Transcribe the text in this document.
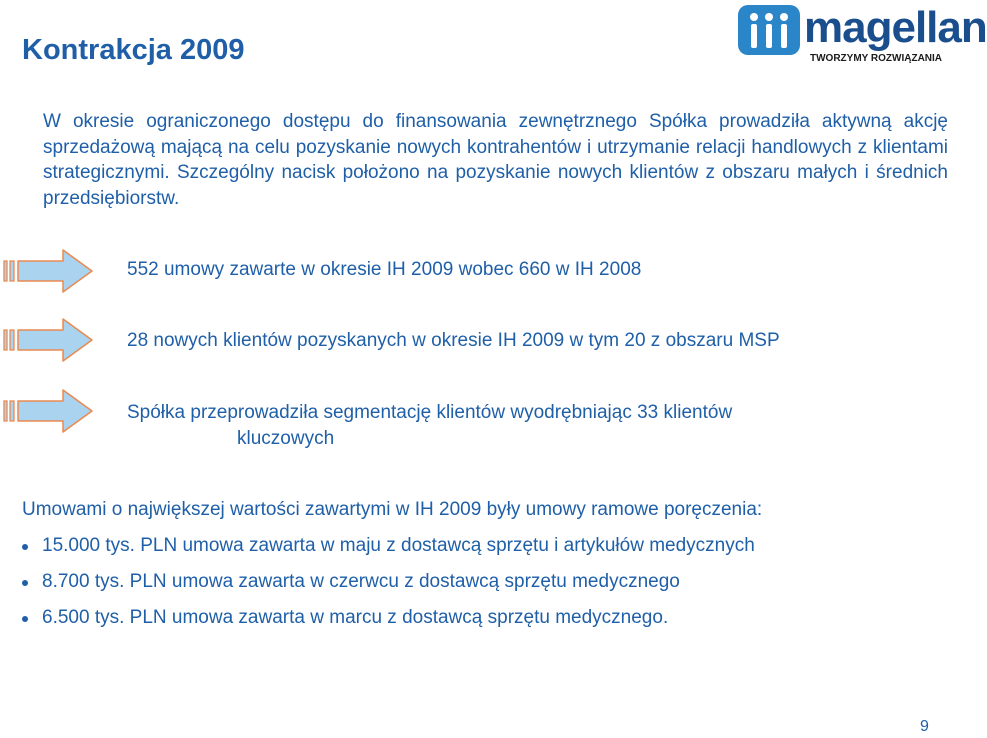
Kontrakcja 2009	magellan
TWORZYMY ROZWIĄZANIA
W okresie ograniczonego dostępu do finansowania zewnętrznego Spółka prowadziła aktywną akcję sprzedażową mającą na celu pozyskanie nowych kontrahentów i utrzymanie relacji handlowych z klientami strategicznymi. Szczególny nacisk położono na pozyskanie nowych klientów z obszaru małych i średnich przedsiębiorstw.
552 umowy zawarte w okresie IH 2009 wobec 660 w IH 2008
28 nowych klientów pozyskanych w okresie IH 2009 w tym 20 z obszaru MSP
Spółka przeprowadziła segmentację klientów wyodrębniając 33 klientów
kluczowych
Umowami o największej wartości zawartymi w IH 2009 były umowy ramowe poręczenia:
15.000 tys. PLN umowa zawarta w maju z dostawcą sprzętu i artykułów medycznych
8.700 tys. PLN umowa zawarta w czerwcu z dostawcą sprzętu medycznego
6.500 tys. PLN umowa zawarta w marcu z dostawcą sprzętu medycznego.
9
